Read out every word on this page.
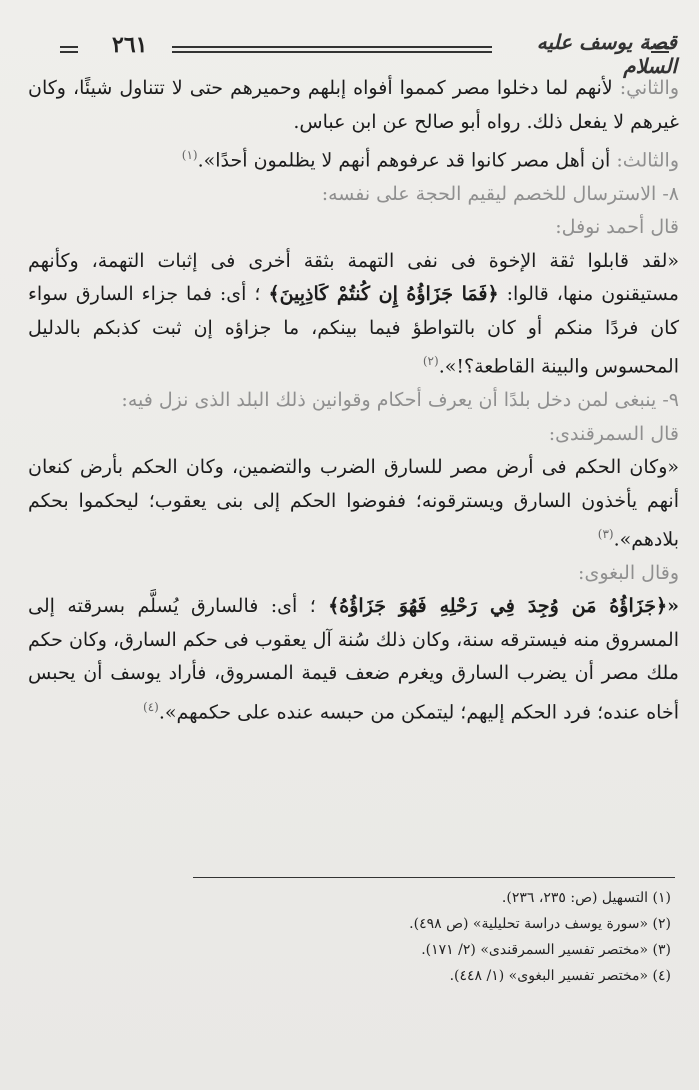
٢٦١	قصة يوسف عليه السلام

والثاني: لأنهم لما دخلوا مصر كمموا أفواه إبلهم وحميرهم حتى لا تتناول شيئًا، وكان غيرهم لا يفعل ذلك. رواه أبو صالح عن ابن عباس.

والثالث: أن أهل مصر كانوا قد عرفوهم أنهم لا يظلمون أحدًا».$^{(١)}$

٨- الاسترسال للخصم ليقيم الحجة على نفسه:

قال أحمد نوفل:

«لقد قابلوا ثقة الإخوة فى نفى التهمة بثقة أخرى فى إثبات التهمة، وكأنهم مستيقنون منها، قالوا: ﴿فَمَا جَزَاؤُهُ إِن كُنتُمْ كَاذِبِينَ﴾ ؛ أى: فما جزاء السارق سواء كان فردًا منكم أو كان بالتواطؤ فيما بينكم، ما جزاؤه إن ثبت كذبكم بالدليل المحسوس والبينة القاطعة؟!».$^{(٢)}$

٩- ينبغى لمن دخل بلدًا أن يعرف أحكام وقوانين ذلك البلد الذى نزل فيه:

قال السمرقندى:

«وكان الحكم فى أرض مصر للسارق الضرب والتضمين، وكان الحكم بأرض كنعان أنهم يأخذون السارق ويسترقونه؛ ففوضوا الحكم إلى بنى يعقوب؛ ليحكموا بحكم بلادهم».$^{(٣)}$

وقال البغوى:

«﴿جَزَاؤُهُ مَن وُجِدَ فِي رَحْلِهِ فَهُوَ جَزَاؤُهُ﴾ ؛ أى: فالسارق يُسلَّم بسرقته إلى المسروق منه فيسترقه سنة، وكان ذلك سُنة آل يعقوب فى حكم السارق، وكان حكم ملك مصر أن يضرب السارق ويغرم ضعف قيمة المسروق، فأراد يوسف أن يحبس أخاه عنده؛ فرد الحكم إليهم؛ ليتمكن من حبسه عنده على حكمهم».$^{(٤)}$

(١) التسهيل (ص: ٢٣٥، ٢٣٦).
(٢) «سورة يوسف دراسة تحليلية» (ص ٤٩٨).
(٣) «مختصر تفسير السمرقندى» (٢/ ١٧١).
(٤) «مختصر تفسير البغوى» (١/ ٤٤٨).
